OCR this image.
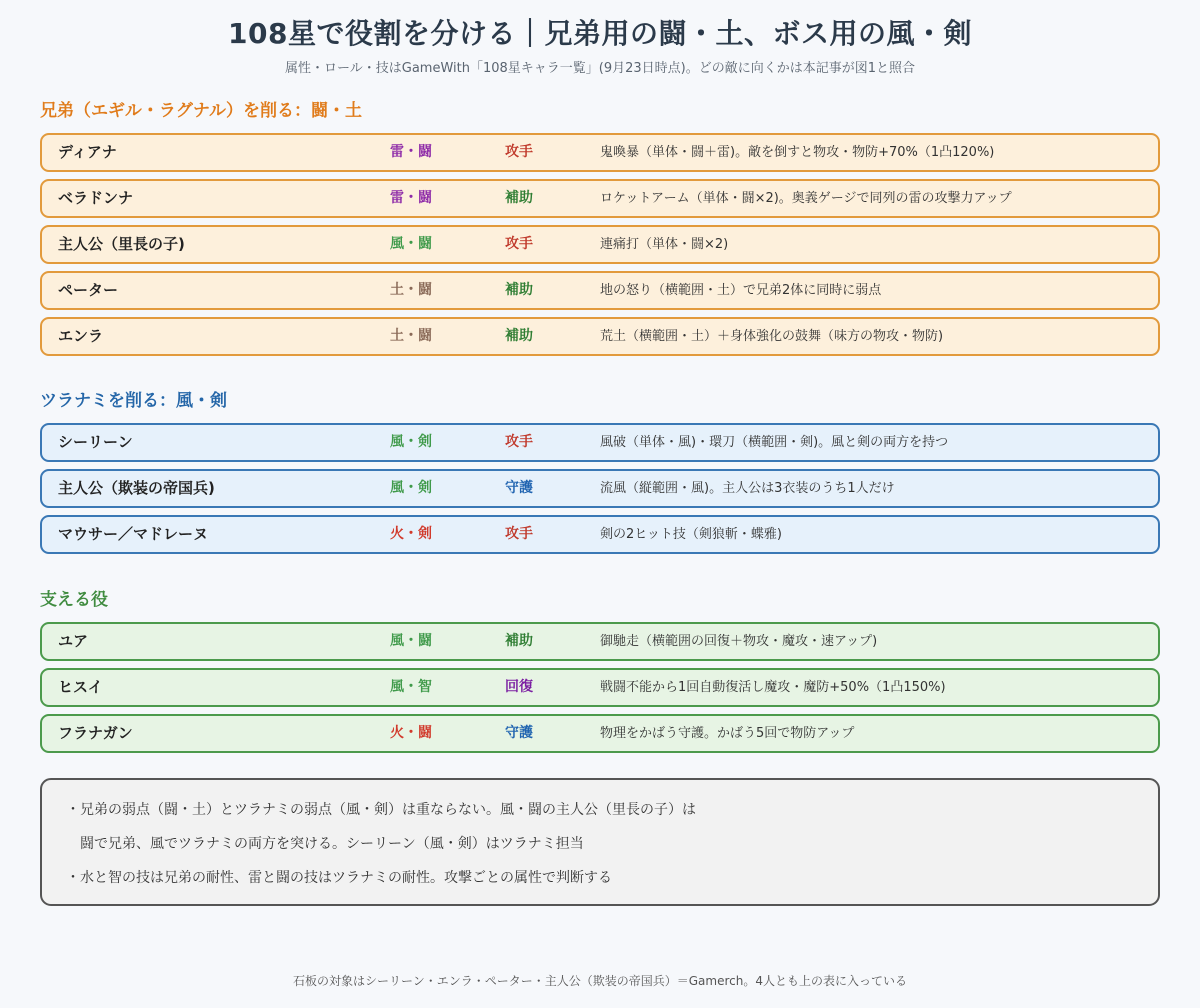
108星で役割を分ける｜兄弟用の闘・土、ボス用の風・剣
属性・ロール・技はGameWith「108星キャラ一覧」(9月23日時点)。どの敵に向くかは本記事が図1と照合
兄弟（エギル・ラグナル）を削る：闘・土
ディアナ	雷・闘	攻手	鬼喚暴（単体・闘＋雷)。敵を倒すと物攻・物防+70%（1凸120%)
ベラドンナ	雷・闘	補助	ロケットアーム（単体・闘×2)。奥義ゲージで同列の雷の攻撃力アップ
主人公（里長の子)	風・闘	攻手	連痛打（単体・闘×2)
ペーター	土・闘	補助	地の怒り（横範囲・土）で兄弟2体に同時に弱点
エンラ	土・闘	補助	荒土（横範囲・土）＋身体強化の鼓舞（味方の物攻・物防)
ツラナミを削る：風・剣
シーリーン	風・剣	攻手	風破（単体・風)・環刀（横範囲・剣)。風と剣の両方を持つ
主人公（欺装の帝国兵)	風・剣	守護	流風（縦範囲・風)。主人公は3衣装のうち1人だけ
マウサー／マドレーヌ	火・剣	攻手	剣の2ヒット技（剣狼斬・蝶雅)
支える役
ユア	風・闘	補助	御馳走（横範囲の回復＋物攻・魔攻・速アップ)
ヒスイ	風・智	回復	戦闘不能から1回自動復活し魔攻・魔防+50%（1凸150%)
フラナガン	火・闘	守護	物理をかばう守護。かばう5回で物防アップ
・兄弟の弱点（闘・土）とツラナミの弱点（風・剣）は重ならない。風・闘の主人公（里長の子）は
　闘で兄弟、風でツラナミの両方を突ける。シーリーン（風・剣）はツラナミ担当
・水と智の技は兄弟の耐性、雷と闘の技はツラナミの耐性。攻撃ごとの属性で判断する
石板の対象はシーリーン・エンラ・ペーター・主人公（欺装の帝国兵）＝Gamerch。4人とも上の表に入っている
